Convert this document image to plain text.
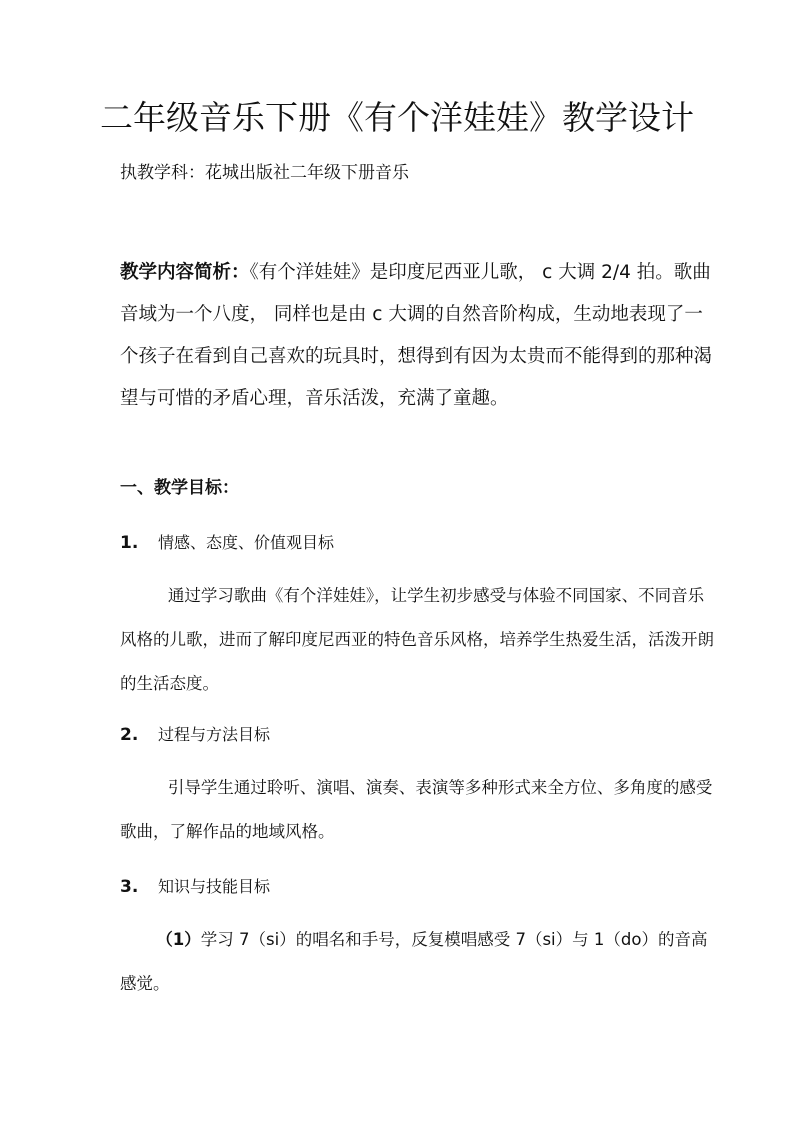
二年级音乐下册《有个洋娃娃》教学设计
执教学科：花城出版社二年级下册音乐

教学内容简析：《有个洋娃娃》是印度尼西亚儿歌， c 大调 2/4 拍。歌曲音域为一个八度， 同样也是由 c 大调的自然音阶构成，生动地表现了一个孩子在看到自己喜欢的玩具时，想得到有因为太贵而不能得到的那种渴望与可惜的矛盾心理，音乐活泼，充满了童趣。

一、教学目标：
1. 情感、态度、价值观目标

通过学习歌曲《有个洋娃娃》，让学生初步感受与体验不同国家、不同音乐风格的儿歌，进而了解印度尼西亚的特色音乐风格，培养学生热爱生活，活泼开朗的生活态度。

2. 过程与方法目标

引导学生通过聆听、演唱、演奏、表演等多种形式来全方位、多角度的感受歌曲，了解作品的地域风格。

3. 知识与技能目标

（1）学习 7（si）的唱名和手号，反复模唱感受 7（si）与 1（do）的音高感觉。
